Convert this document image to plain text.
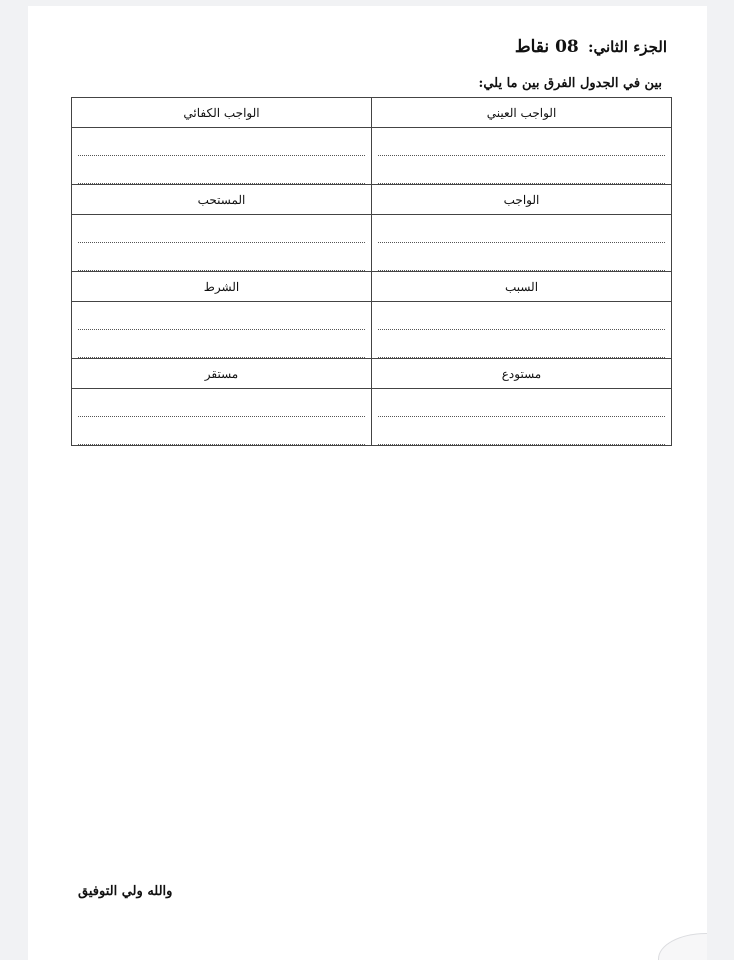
الجزء الثاني: 08 نقاط
بين في الجدول الفرق بين ما يلي:
الواجب العيني	الواجب الكفائي

الواجب	المستحب

السبب	الشرط

مستودع	مستقر

والله ولي التوفيق
